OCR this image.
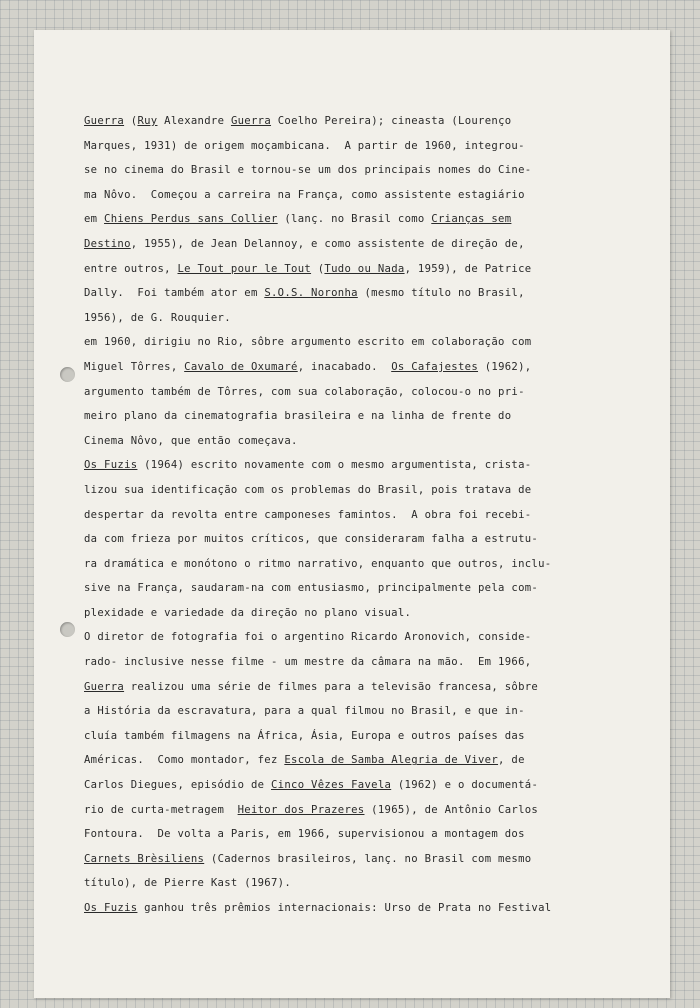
Guerra (Ruy Alexandre Guerra Coelho Pereira); cineasta (Lourenço
Marques, 1931) de origem moçambicana.  A partir de 1960, integrou-
se no cinema do Brasil e tornou-se um dos principais nomes do Cine-
ma Nôvo.  Começou a carreira na França, como assistente estagiário
em Chiens Perdus sans Collier (lanç. no Brasil como Crianças sem
Destino, 1955), de Jean Delannoy, e como assistente de direção de,
entre outros, Le Tout pour le Tout (Tudo ou Nada, 1959), de Patrice
Dally.  Foi também ator em S.O.S. Noronha (mesmo título no Brasil,
1956), de G. Rouquier.
em 1960, dirigiu no Rio, sôbre argumento escrito em colaboração com
Miguel Tôrres, Cavalo de Oxumaré, inacabado.  Os Cafajestes (1962),
argumento também de Tôrres, com sua colaboração, colocou-o no pri-
meiro plano da cinematografia brasileira e na linha de frente do
Cinema Nôvo, que então começava.
Os Fuzis (1964) escrito novamente com o mesmo argumentista, crista-
lizou sua identificação com os problemas do Brasil, pois tratava de
despertar da revolta entre camponeses famintos.  A obra foi recebi-
da com frieza por muitos críticos, que consideraram falha a estrutu-
ra dramática e monótono o ritmo narrativo, enquanto que outros, inclu-
sive na França, saudaram-na com entusiasmo, principalmente pela com-
plexidade e variedade da direção no plano visual.
O diretor de fotografia foi o argentino Ricardo Aronovich, conside-
rado- inclusive nesse filme - um mestre da câmara na mão.  Em 1966,
Guerra realizou uma série de filmes para a televisão francesa, sôbre
a História da escravatura, para a qual filmou no Brasil, e que in-
cluía também filmagens na África, Ásia, Europa e outros países das
Américas.  Como montador, fez Escola de Samba Alegria de Viver, de
Carlos Diegues, episódio de Cinco Vêzes Favela (1962) e o documentá-
rio de curta-metragem  Heitor dos Prazeres (1965), de Antônio Carlos
Fontoura.  De volta a Paris, em 1966, supervisionou a montagem dos
Carnets Brèsiliens (Cadernos brasileiros, lanç. no Brasil com mesmo
título), de Pierre Kast (1967).
Os Fuzis ganhou três prêmios internacionais: Urso de Prata no Festival
